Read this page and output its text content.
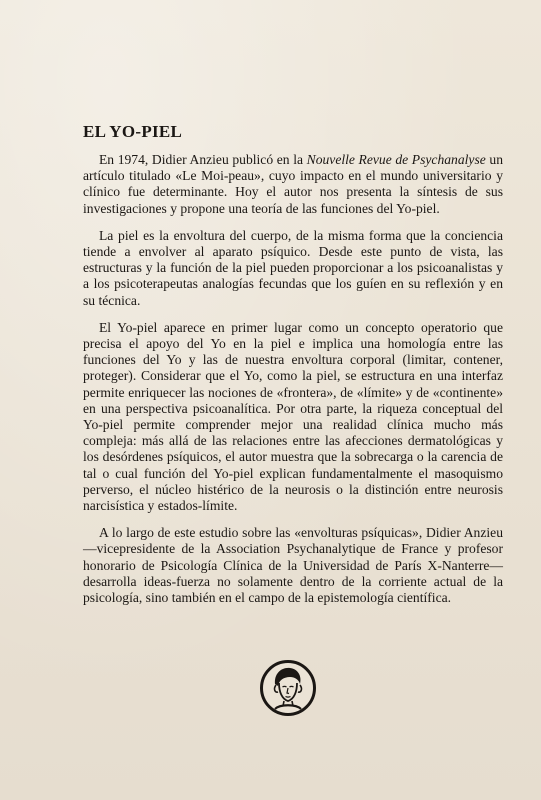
EL YO-PIEL

En 1974, Didier Anzieu publicó en la Nouvelle Revue de Psychanalyse un artículo titulado «Le Moi-peau», cuyo impacto en el mundo universitario y clínico fue determinante. Hoy el autor nos presenta la síntesis de sus investigaciones y propone una teoría de las funciones del Yo-piel.

La piel es la envoltura del cuerpo, de la misma forma que la conciencia tiende a envolver al aparato psíquico. Desde este punto de vista, las estructuras y la función de la piel pueden proporcionar a los psicoanalistas y a los psicoterapeutas analogías fecundas que los guíen en su reflexión y en su técnica.

El Yo-piel aparece en primer lugar como un concepto operatorio que precisa el apoyo del Yo en la piel e implica una homología entre las funciones del Yo y las de nuestra envoltura corporal (limitar, contener, proteger). Considerar que el Yo, como la piel, se estructura en una interfaz permite enriquecer las nociones de «frontera», de «límite» y de «continente» en una perspectiva psicoanalítica. Por otra parte, la riqueza conceptual del Yo-piel permite comprender mejor una realidad clínica mucho más compleja: más allá de las relaciones entre las afecciones dermatológicas y los desórdenes psíquicos, el autor muestra que la sobrecarga o la carencia de tal o cual función del Yo-piel explican fundamentalmente el masoquismo perverso, el núcleo histérico de la neurosis o la distinción entre neurosis narcisística y estados-límite.

A lo largo de este estudio sobre las «envolturas psíquicas», Didier Anzieu —vicepresidente de la Association Psychanalytique de France y profesor honorario de Psicología Clínica de la Universidad de París X-Nanterre— desarrolla ideas-fuerza no solamente dentro de la corriente actual de la psicología, sino también en el campo de la epistemología científica.
